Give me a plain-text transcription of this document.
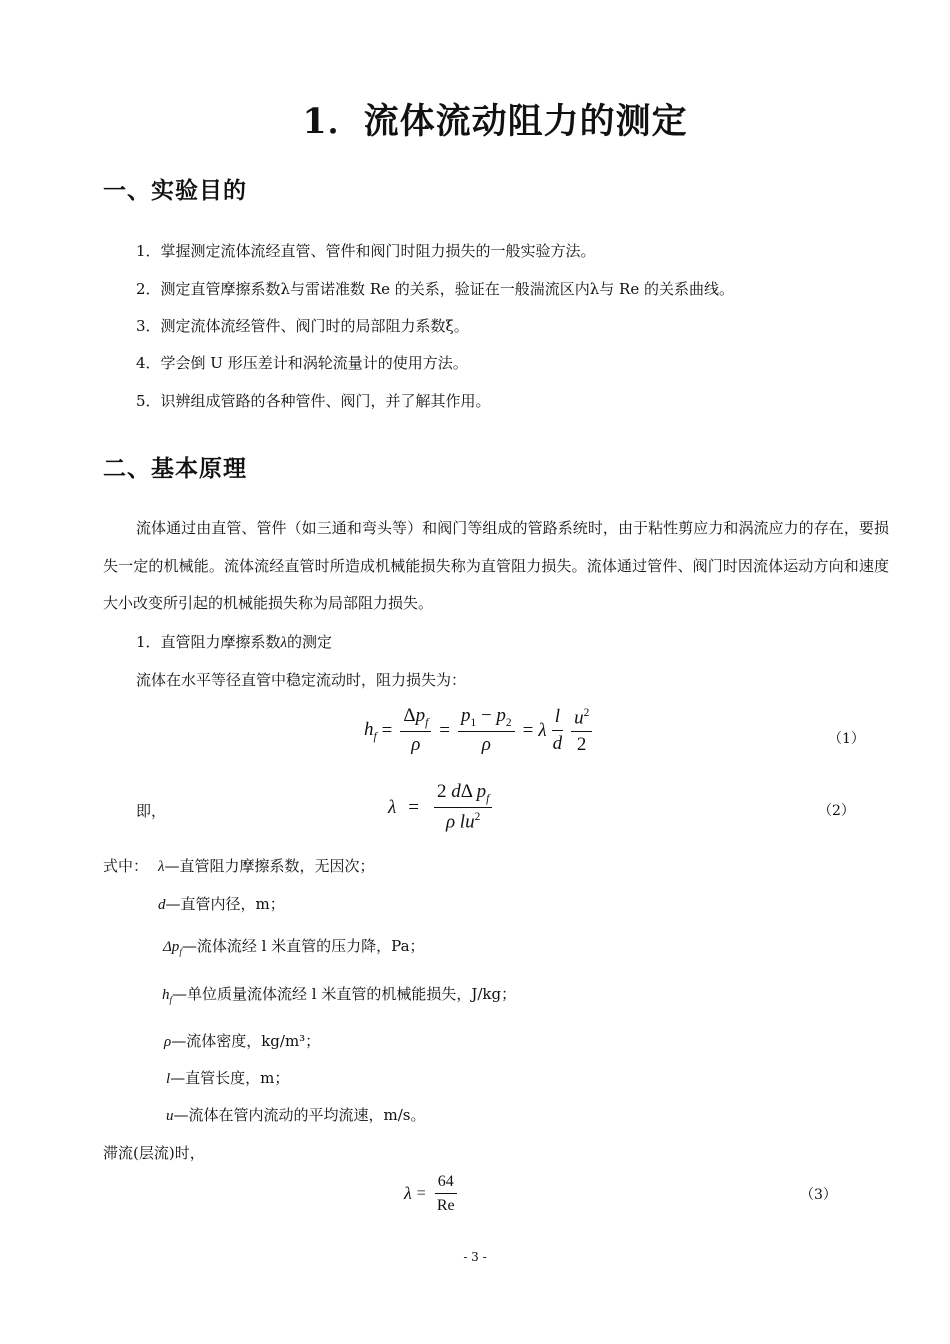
1．流体流动阻力的测定
一、实验目的
1．掌握测定流体流经直管、管件和阀门时阻力损失的一般实验方法。
2．测定直管摩擦系数λ与雷诺准数 Re 的关系，验证在一般湍流区内λ与 Re 的关系曲线。
3．测定流体流经管件、阀门时的局部阻力系数ξ。
4．学会倒 U 形压差计和涡轮流量计的使用方法。
5．识辨组成管路的各种管件、阀门，并了解其作用。
二、基本原理
流体通过由直管、管件（如三通和弯头等）和阀门等组成的管路系统时，由于粘性剪应力和涡流应力的存在，要损失一定的机械能。流体流经直管时所造成机械能损失称为直管阻力损失。流体通过管件、阀门时因流体运动方向和速度大小改变所引起的机械能损失称为局部阻力损失。
1．直管阻力摩擦系数λ的测定
流体在水平等径直管中稳定流动时，阻力损失为：
$h_f = \frac{\Delta p_f}{\rho} = \frac{p_1 - p_2}{\rho} = \lambda \frac{l}{d} \frac{u^2}{2}$	（1）
即，	$\lambda = \frac{2 d\Delta p_f}{\rho lu^2}$	（2）
式中： λ—直管阻力摩擦系数，无因次；
d—直管内径，m；
$\Delta p_f—$流体流经 l 米直管的压力降，Pa；
$h_f—$单位质量流体流经 l 米直管的机械能损失，J/kg；
ρ—流体密度，kg/m³；
l—直管长度，m；
u—流体在管内流动的平均流速，m/s。
滞流(层流)时，
$\lambda = \frac{64}{Re}$	（3）
- 3 -
